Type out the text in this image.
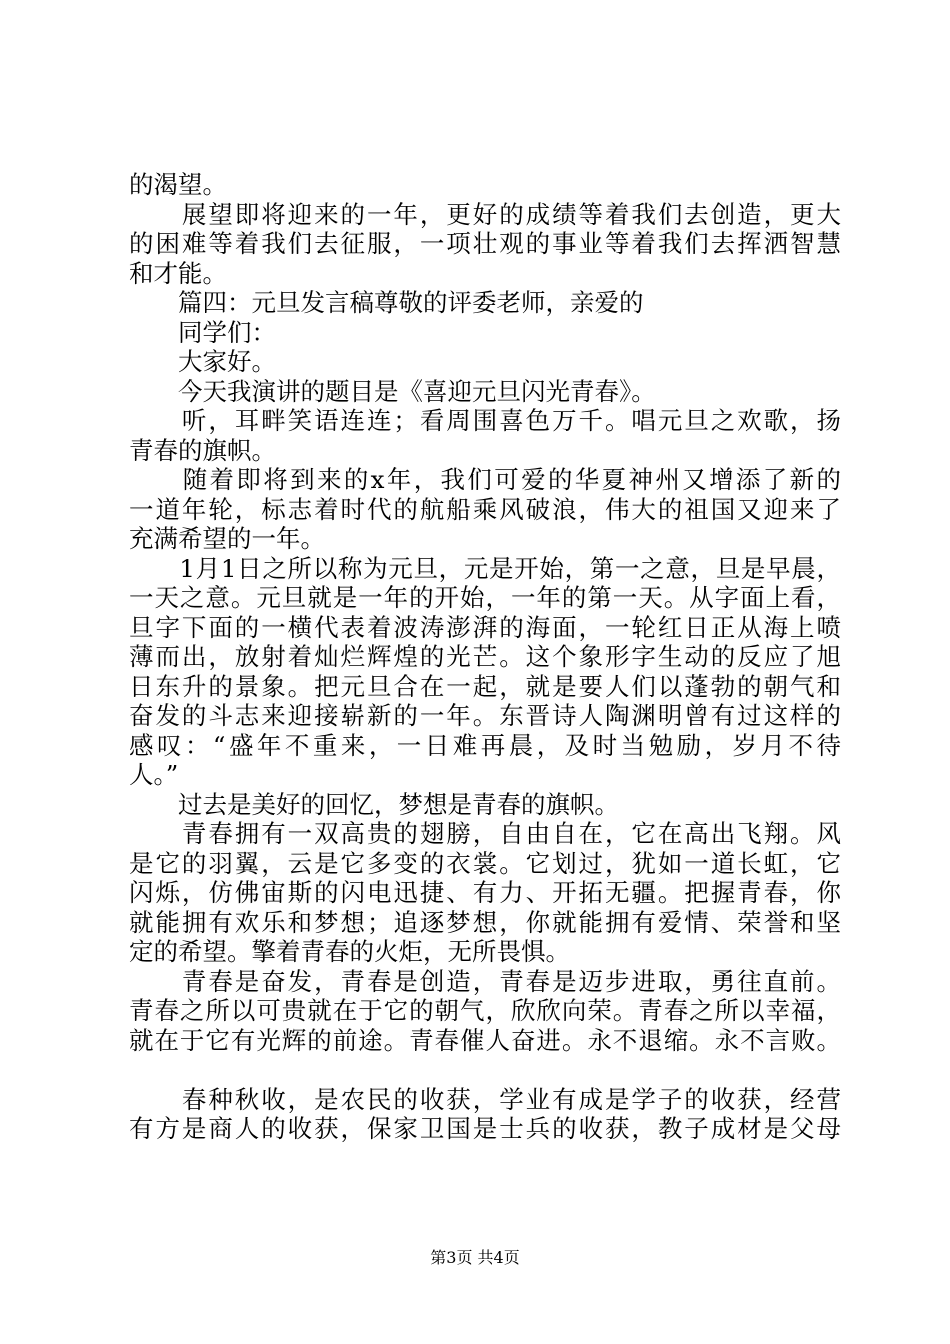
的渴望。
　　展望即将迎来的一年，更好的成绩等着我们去创造，更大
的困难等着我们去征服，一项壮观的事业等着我们去挥洒智慧
和才能。
　　篇四：元旦发言稿尊敬的评委老师，亲爱的
　　同学们：
　　大家好。
　　今天我演讲的题目是《喜迎元旦闪光青春》。
　　听，耳畔笑语连连；看周围喜色万千。唱元旦之欢歌，扬
青春的旗帜。
　　随着即将到来的x年，我们可爱的华夏神州又增添了新的
一道年轮，标志着时代的航船乘风破浪，伟大的祖国又迎来了
充满希望的一年。
　　1月1日之所以称为元旦，元是开始，第一之意，旦是早晨，
一天之意。元旦就是一年的开始，一年的第一天。从字面上看，
旦字下面的一横代表着波涛澎湃的海面，一轮红日正从海上喷
薄而出，放射着灿烂辉煌的光芒。这个象形字生动的反应了旭
日东升的景象。把元旦合在一起，就是要人们以蓬勃的朝气和
奋发的斗志来迎接崭新的一年。东晋诗人陶渊明曾有过这样的
感叹：“盛年不重来，一日难再晨，及时当勉励，岁月不待
人。”
　　过去是美好的回忆，梦想是青春的旗帜。
　　青春拥有一双高贵的翅膀，自由自在，它在高出飞翔。风
是它的羽翼，云是它多变的衣裳。它划过，犹如一道长虹，它
闪烁，仿佛宙斯的闪电迅捷、有力、开拓无疆。把握青春，你
就能拥有欢乐和梦想；追逐梦想，你就能拥有爱情、荣誉和坚
定的希望。擎着青春的火炬，无所畏惧。
　　青春是奋发，青春是创造，青春是迈步进取，勇往直前。
青春之所以可贵就在于它的朝气，欣欣向荣。青春之所以幸福，
就在于它有光辉的前途。青春催人奋进。永不退缩。永不言败。
　　春种秋收，是农民的收获，学业有成是学子的收获，经营
有方是商人的收获，保家卫国是士兵的收获，教子成材是父母
第3页 共4页
